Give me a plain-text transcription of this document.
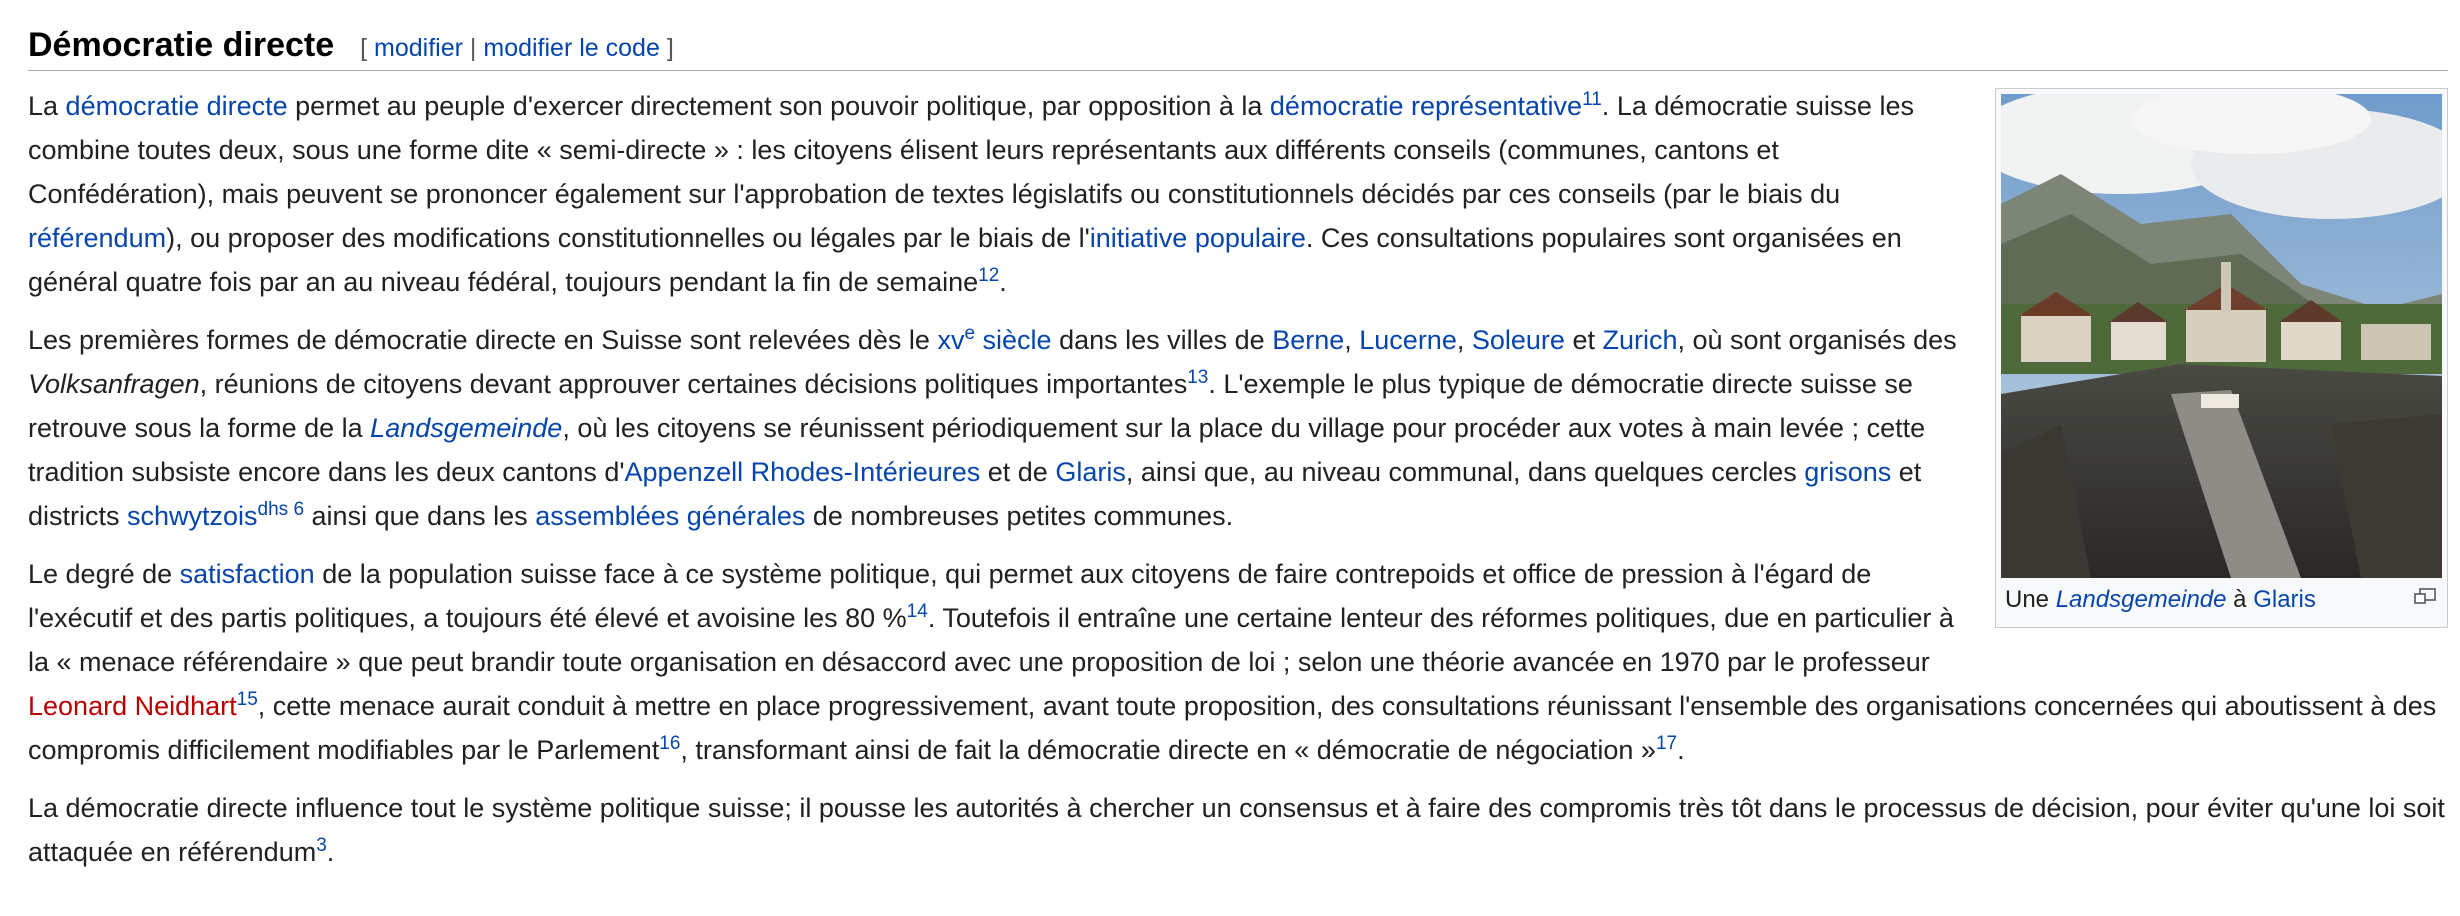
Démocratie directe [ modifier | modifier le code ]
Une Landsgemeinde à Glaris

La démocratie directe permet au peuple d'exercer directement son pouvoir politique, par opposition à la démocratie représentative$^{11}$. La démocratie suisse les combine toutes deux, sous une forme dite « semi-directe » : les citoyens élisent leurs représentants aux différents conseils (communes, cantons et Confédération), mais peuvent se prononcer également sur l'approbation de textes législatifs ou constitutionnels décidés par ces conseils (par le biais du référendum), ou proposer des modifications constitutionnelles ou légales par le biais de l'initiative populaire. Ces consultations populaires sont organisées en général quatre fois par an au niveau fédéral, toujours pendant la fin de semaine$^{12}$.

Les premières formes de démocratie directe en Suisse sont relevées dès le xv$^e$ siècle dans les villes de Berne, Lucerne, Soleure et Zurich, où sont organisés des Volksanfragen, réunions de citoyens devant approuver certaines décisions politiques importantes$^{13}$. L'exemple le plus typique de démocratie directe suisse se retrouve sous la forme de la Landsgemeinde, où les citoyens se réunissent périodiquement sur la place du village pour procéder aux votes à main levée ; cette tradition subsiste encore dans les deux cantons d'Appenzell Rhodes-Intérieures et de Glaris, ainsi que, au niveau communal, dans quelques cercles grisons et districts schwytzois$^{dhs 6}$ ainsi que dans les assemblées générales de nombreuses petites communes.

Le degré de satisfaction de la population suisse face à ce système politique, qui permet aux citoyens de faire contrepoids et office de pression à l'égard de l'exécutif et des partis politiques, a toujours été élevé et avoisine les 80 %$^{14}$. Toutefois il entraîne une certaine lenteur des réformes politiques, due en particulier à la « menace référendaire » que peut brandir toute organisation en désaccord avec une proposition de loi ; selon une théorie avancée en 1970 par le professeur Leonard Neidhart$^{15}$, cette menace aurait conduit à mettre en place progressivement, avant toute proposition, des consultations réunissant l'ensemble des organisations concernées qui aboutissent à des compromis difficilement modifiables par le Parlement$^{16}$, transformant ainsi de fait la démocratie directe en « démocratie de négociation »$^{17}$.

La démocratie directe influence tout le système politique suisse; il pousse les autorités à chercher un consensus et à faire des compromis très tôt dans le processus de décision, pour éviter qu'une loi soit attaquée en référendum$^3$.
